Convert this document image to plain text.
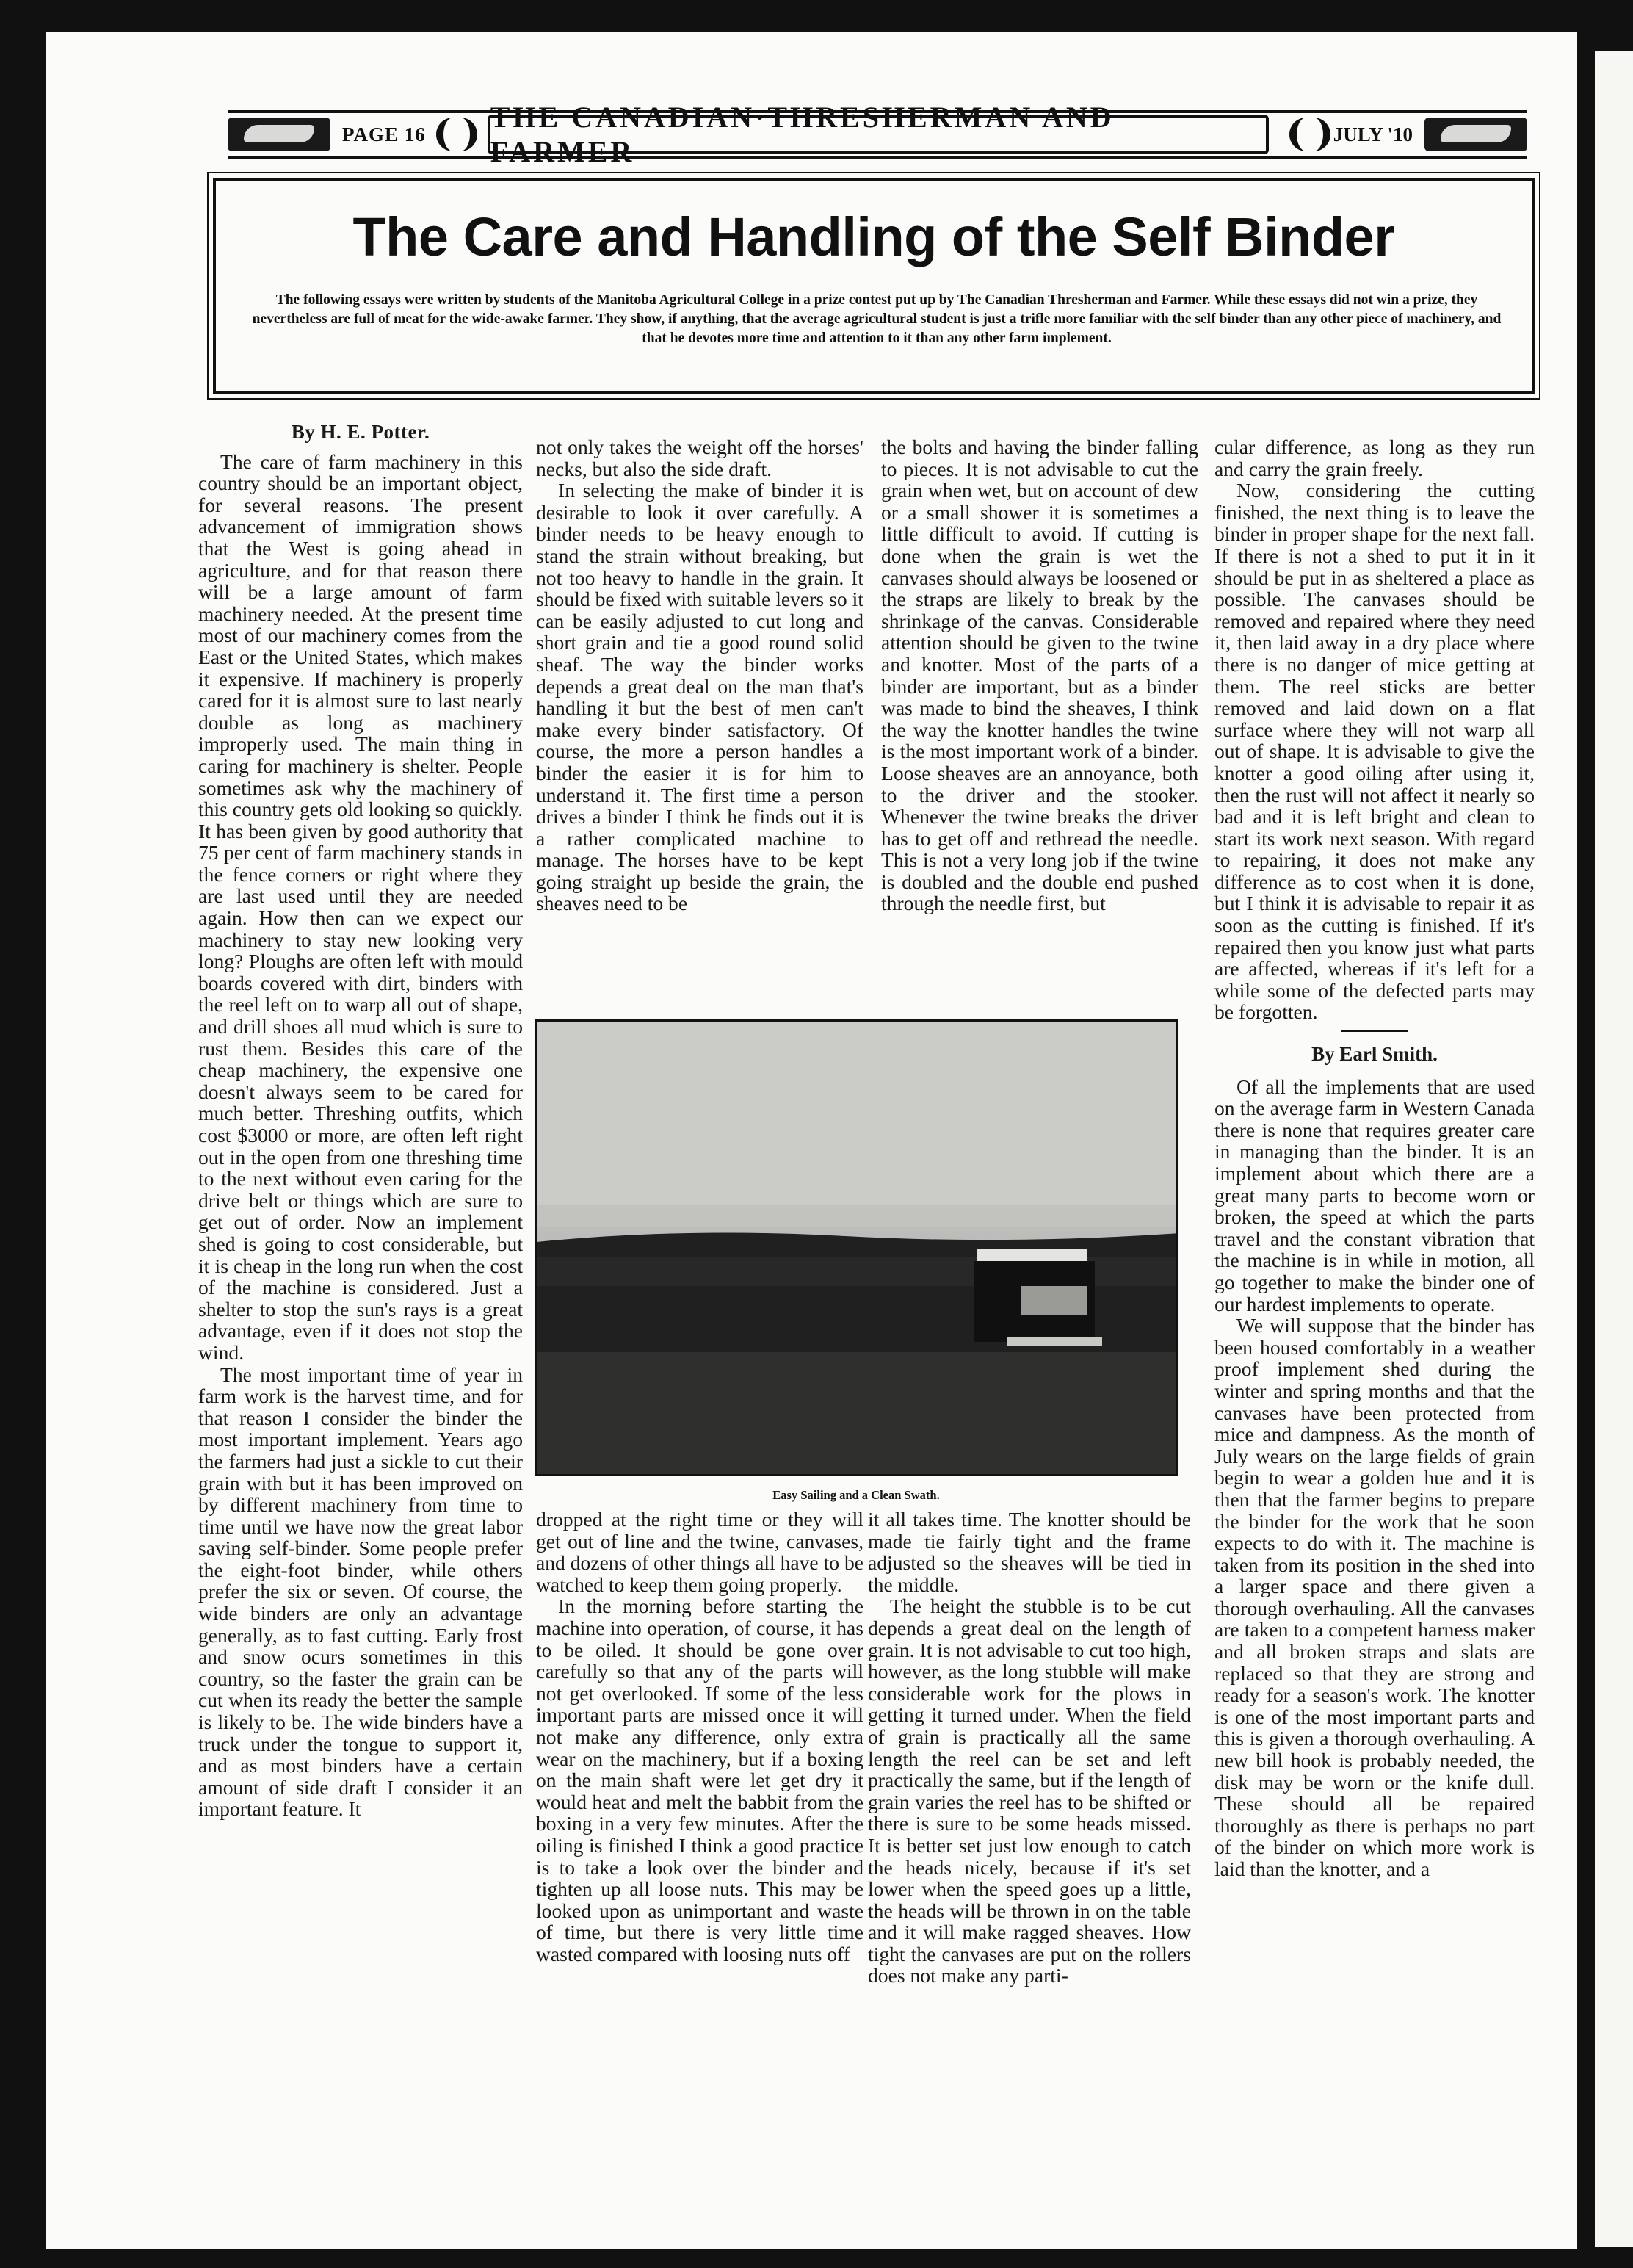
PAGE 16
THE CANADIAN·THRESHERMAN AND FARMER
JULY '10
The Care and Handling of the Self Binder
The following essays were written by students of the Manitoba Agricultural College in a prize contest put up by The Canadian Thresherman and Farmer. While these essays did not win a prize, they nevertheless are full of meat for the wide-awake farmer. They show, if anything, that the average agricultural student is just a trifle more familiar with the self binder than any other piece of machinery, and that he devotes more time and attention to it than any other farm implement.
By H. E. Potter.

The care of farm machinery in this country should be an important object, for several reasons. The present advancement of immigration shows that the West is going ahead in agriculture, and for that reason there will be a large amount of farm machinery needed. At the present time most of our machinery comes from the East or the United States, which makes it expensive. If machinery is properly cared for it is almost sure to last nearly double as long as machinery improperly used. The main thing in caring for machinery is shelter. People sometimes ask why the machinery of this country gets old looking so quickly. It has been given by good authority that 75 per cent of farm machinery stands in the fence corners or right where they are last used until they are needed again. How then can we expect our machinery to stay new looking very long? Ploughs are often left with mould boards covered with dirt, binders with the reel left on to warp all out of shape, and drill shoes all mud which is sure to rust them. Besides this care of the cheap machinery, the expensive one doesn't always seem to be cared for much better. Threshing outfits, which cost $3000 or more, are often left right out in the open from one threshing time to the next without even caring for the drive belt or things which are sure to get out of order. Now an implement shed is going to cost considerable, but it is cheap in the long run when the cost of the machine is considered. Just a shelter to stop the sun's rays is a great advantage, even if it does not stop the wind.

The most important time of year in farm work is the harvest time, and for that reason I consider the binder the most important implement. Years ago the farmers had just a sickle to cut their grain with but it has been improved on by different machinery from time to time until we have now the great labor saving self-binder. Some people prefer the eight-foot binder, while others prefer the six or seven. Of course, the wide binders are only an advantage generally, as to fast cutting. Early frost and snow ocurs sometimes in this country, so the faster the grain can be cut when its ready the better the sample is likely to be. The wide binders have a truck under the tongue to support it, and as most binders have a certain amount of side draft I consider it an important feature. It

not only takes the weight off the horses' necks, but also the side draft.

In selecting the make of binder it is desirable to look it over carefully. A binder needs to be heavy enough to stand the strain without breaking, but not too heavy to handle in the grain. It should be fixed with suitable levers so it can be easily adjusted to cut long and short grain and tie a good round solid sheaf. The way the binder works depends a great deal on the man that's handling it but the best of men can't make every binder satisfactory. Of course, the more a person handles a binder the easier it is for him to understand it. The first time a person drives a binder I think he finds out it is a rather complicated machine to manage. The horses have to be kept going straight up beside the grain, the sheaves need to be

the bolts and having the binder falling to pieces. It is not advisable to cut the grain when wet, but on account of dew or a small shower it is sometimes a little difficult to avoid. If cutting is done when the grain is wet the canvases should always be loosened or the straps are likely to break by the shrinkage of the canvas. Considerable attention should be given to the twine and knotter. Most of the parts of a binder are important, but as a binder was made to bind the sheaves, I think the way the knotter handles the twine is the most important work of a binder. Loose sheaves are an annoyance, both to the driver and the stooker. Whenever the twine breaks the driver has to get off and rethread the needle. This is not a very long job if the twine is doubled and the double end pushed through the needle first, but

Easy Sailing and a Clean Swath.

dropped at the right time or they will get out of line and the twine, canvases, and dozens of other things all have to be watched to keep them going properly.

In the morning before starting the machine into operation, of course, it has to be oiled. It should be gone over carefully so that any of the parts will not get overlooked. If some of the less important parts are missed once it will not make any difference, only extra wear on the machinery, but if a boxing on the main shaft were let get dry it would heat and melt the babbit from the boxing in a very few minutes. After the oiling is finished I think a good practice is to take a look over the binder and tighten up all loose nuts. This may be looked upon as unimportant and waste of time, but there is very little time wasted compared with loosing nuts off

it all takes time. The knotter should be made tie fairly tight and the frame adjusted so the sheaves will be tied in the middle.

The height the stubble is to be cut depends a great deal on the length of grain. It is not advisable to cut too high, however, as the long stubble will make considerable work for the plows in getting it turned under. When the field of grain is practically all the same length the reel can be set and left practically the same, but if the length of grain varies the reel has to be shifted or there is sure to be some heads missed. It is better set just low enough to catch the heads nicely, because if it's set lower when the speed goes up a little, the heads will be thrown in on the table and it will make ragged sheaves. How tight the canvases are put on the rollers does not make any parti-

cular difference, as long as they run and carry the grain freely.

Now, considering the cutting finished, the next thing is to leave the binder in proper shape for the next fall. If there is not a shed to put it in it should be put in as sheltered a place as possible. The canvases should be removed and repaired where they need it, then laid away in a dry place where there is no danger of mice getting at them. The reel sticks are better removed and laid down on a flat surface where they will not warp all out of shape. It is advisable to give the knotter a good oiling after using it, then the rust will not affect it nearly so bad and it is left bright and clean to start its work next season. With regard to repairing, it does not make any difference as to cost when it is done, but I think it is advisable to repair it as soon as the cutting is finished. If it's repaired then you know just what parts are affected, whereas if it's left for a while some of the defected parts may be forgotten.

By Earl Smith.

Of all the implements that are used on the average farm in Western Canada there is none that requires greater care in managing than the binder. It is an implement about which there are a great many parts to become worn or broken, the speed at which the parts travel and the constant vibration that the machine is in while in motion, all go together to make the binder one of our hardest implements to operate.

We will suppose that the binder has been housed comfortably in a weather proof implement shed during the winter and spring months and that the canvases have been protected from mice and dampness. As the month of July wears on the large fields of grain begin to wear a golden hue and it is then that the farmer begins to prepare the binder for the work that he soon expects to do with it. The machine is taken from its position in the shed into a larger space and there given a thorough overhauling. All the canvases are taken to a competent harness maker and all broken straps and slats are replaced so that they are strong and ready for a season's work. The knotter is one of the most important parts and this is given a thorough overhauling. A new bill hook is probably needed, the disk may be worn or the knife dull. These should all be repaired thoroughly as there is perhaps no part of the binder on which more work is laid than the knotter, and a
